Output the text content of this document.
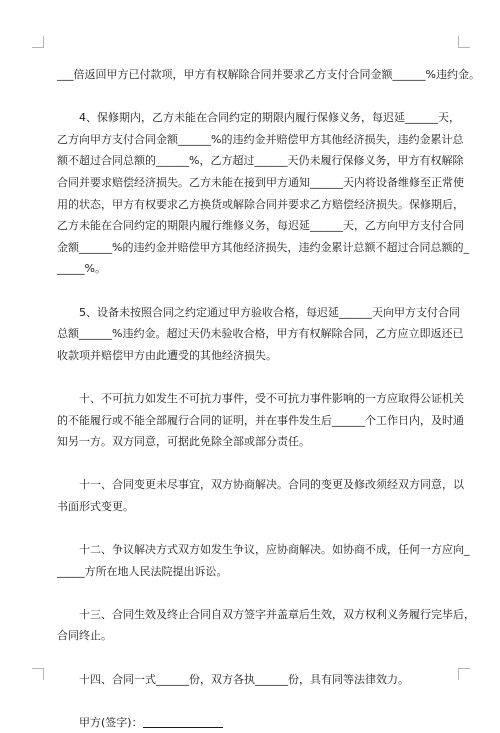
___倍返回甲方已付款项，甲方有权解除合同并要求乙方支付合同金额______%违约金。
　　4、保修期内，乙方未能在合同约定的期限内履行保修义务，每迟延______天，
乙方向甲方支付合同金额______%的违约金并赔偿甲方其他经济损失，违约金累计总
额不超过合同总额的______%，乙方超过______天仍未履行保修义务，甲方有权解除
合同并要求赔偿经济损失。乙方未能在接到甲方通知______天内将设备维修至正常使
用的状态，甲方有权要求乙方换货或解除合同并要求乙方赔偿经济损失。保修期后，
乙方未能在合同约定的期限内履行维修义务，每迟延______天，乙方向甲方支付合同
金额______%的违约金并赔偿甲方其他经济损失，违约金累计总额不超过合同总额的_
_____%。
　　5、设备未按照合同之约定通过甲方验收合格，每迟延______天向甲方支付合同
总额______%违约金。超过天仍未验收合格，甲方有权解除合同，乙方应立即返还已
收款项并赔偿甲方由此遭受的其他经济损失。
　　十、不可抗力如发生不可抗力事件，受不可抗力事件影响的一方应取得公证机关
的不能履行或不能全部履行合同的证明，并在事件发生后______个工作日内，及时通
知另一方。双方同意，可据此免除全部或部分责任。
　　十一、合同变更未尽事宜，双方协商解决。合同的变更及修改须经双方同意，以
书面形式变更。
　　十二、争议解决方式双方如发生争议，应协商解决。如协商不成，任何一方应向_
_____方所在地人民法院提出诉讼。
　　十三、合同生效及终止合同自双方签字并盖章后生效，双方权利义务履行完毕后，
合同终止。
　　十四、合同一式______份，双方各执______份，具有同等法律效力。
　　甲方(签字)：
